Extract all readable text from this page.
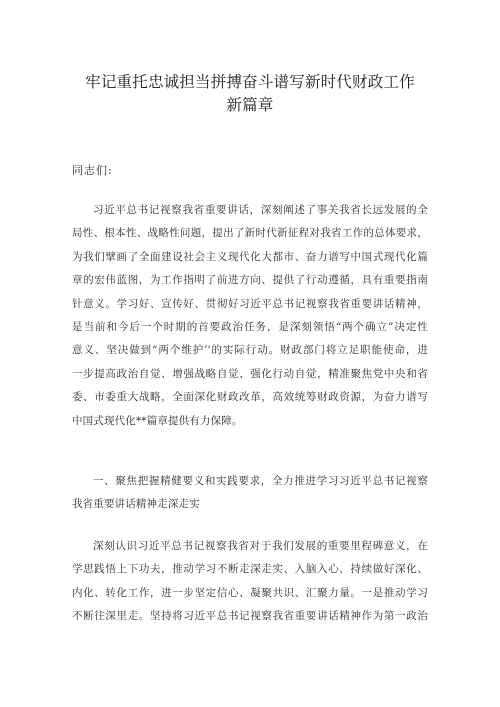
牢记重托忠诚担当拼搏奋斗谱写新时代财政工作
新篇章
同志们:
习近平总书记视察我省重要讲话，深刻阐述了事关我省长远发展的全
局性、根本性、战略性问题，提出了新时代新征程对我省工作的总体要求，
为我们擘画了全面建设社会主义现代化大都市、奋力谱写中国式现代化篇
章的宏伟蓝图，为工作指明了前进方向、提供了行动遵循，具有重要指南
针意义。学习好、宣传好、贯彻好习近平总书记视察我省重要讲话精神，
是当前和今后一个时期的首要政治任务，是深刻领悟“两个确立”决定性
意义、坚决做到“两个维护’'的实际行动。财政部门将立足职能使命，进
一步提高政治自觉、增强战略自觉、强化行动自觉，精准聚焦党中央和省
委、市委重大战略，全面深化财政改革，高效统筹财政资源，为奋力谱写
中国式现代化**篇章提供有力保障。
一、聚焦把握精健要义和实践要求，全力推进学习习近平总书记视察
我省重要讲话精神走深走实
深刻认识习近平总书记视察我省对于我们发展的重要里程碑意义，在
学思践悟上下功夫，推动学习不断走深走实、入脑入心，持续做好深化、
内化、转化工作，进一步坚定信心、凝聚共识、汇聚力量。一是推动学习
不断往深里走。坚持将习近平总书记视察我省重要讲话精神作为第一政治
